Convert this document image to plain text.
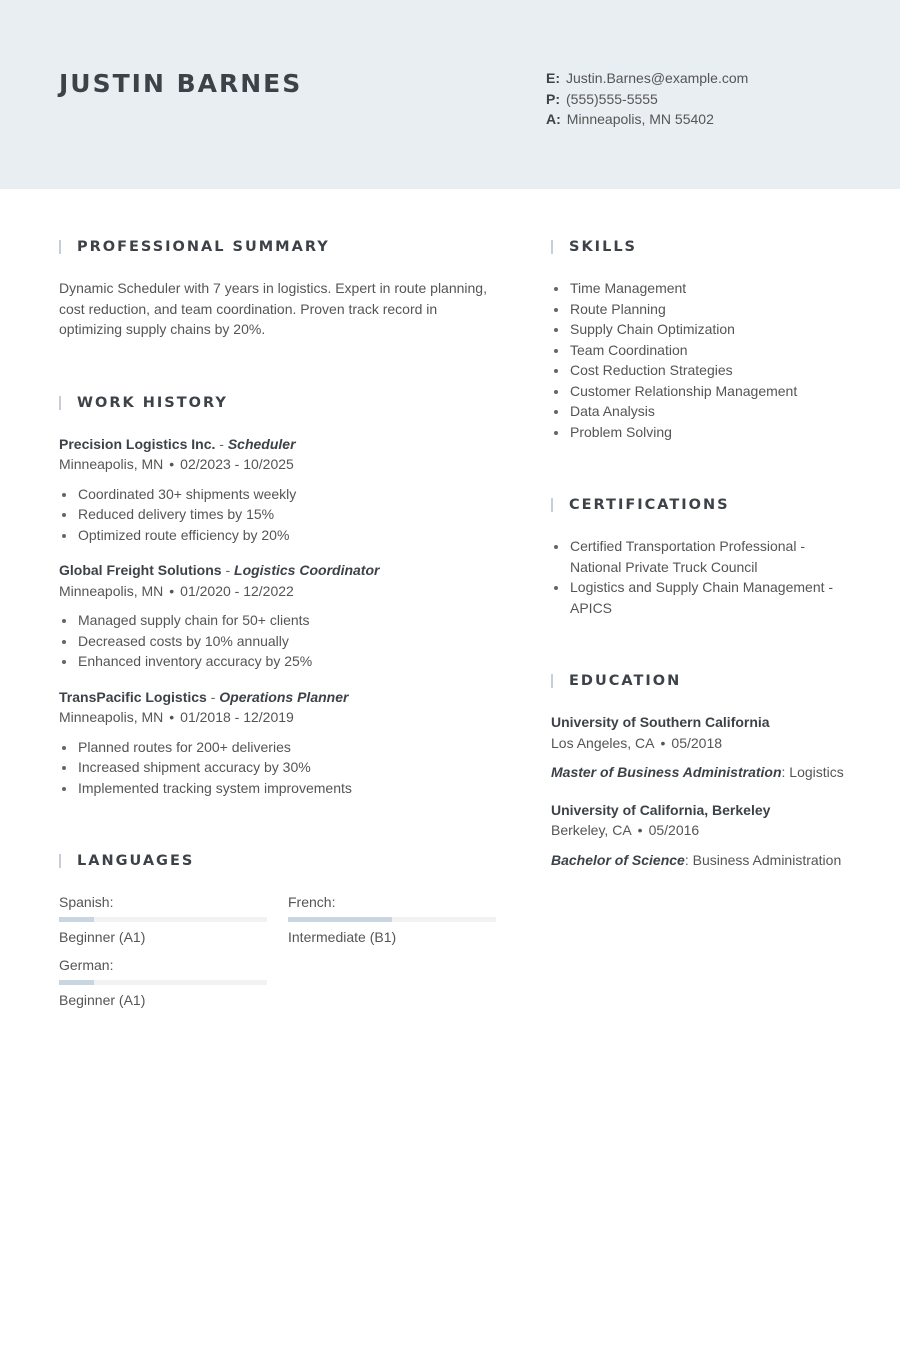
JUSTIN BARNES	E: Justin.Barnes@example.com
P: (555)555-5555
A: Minneapolis, MN 55402
PROFESSIONAL SUMMARY
Dynamic Scheduler with 7 years in logistics. Expert in route planning, cost reduction, and team coordination. Proven track record in optimizing supply chains by 20%.
WORK HISTORY
Precision Logistics Inc. - Scheduler
Minneapolis, MN • 02/2023 - 10/2025
Coordinated 30+ shipments weekly
Reduced delivery times by 15%
Optimized route efficiency by 20%
Global Freight Solutions - Logistics Coordinator
Minneapolis, MN • 01/2020 - 12/2022
Managed supply chain for 50+ clients
Decreased costs by 10% annually
Enhanced inventory accuracy by 25%
TransPacific Logistics - Operations Planner
Minneapolis, MN • 01/2018 - 12/2019
Planned routes for 200+ deliveries
Increased shipment accuracy by 30%
Implemented tracking system improvements
LANGUAGES
Spanish:
Beginner (A1)
French:
Intermediate (B1)
German:
Beginner (A1)
SKILLS
Time Management
Route Planning
Supply Chain Optimization
Team Coordination
Cost Reduction Strategies
Customer Relationship Management
Data Analysis
Problem Solving
CERTIFICATIONS
Certified Transportation Professional - National Private Truck Council
Logistics and Supply Chain Management - APICS
EDUCATION
University of Southern California
Los Angeles, CA • 05/2018
Master of Business Administration: Logistics
University of California, Berkeley
Berkeley, CA • 05/2016
Bachelor of Science: Business Administration
